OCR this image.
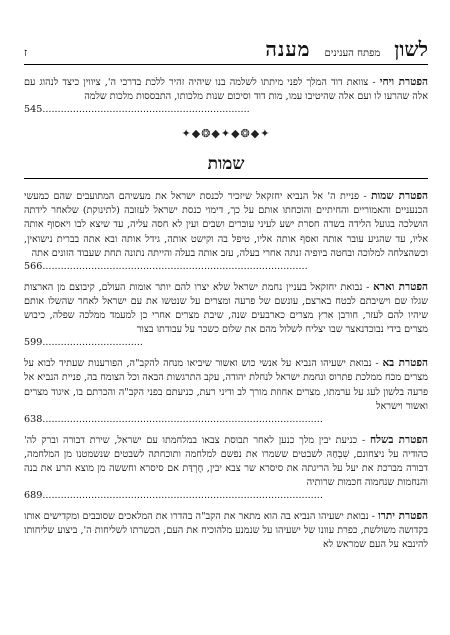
לשון
מפתח הענינים
מענה
ז

הפטרת ויחי - צוואת דוד המלך לפני מיתתו לשלמה בנו שיהיה זהיר ללכת בדרכי ה', ציווין כיצד לנהוג עם אלה שהרעו לו ועם אלה שהיטיבו עמו, מות דוד וסיכום שנות מלכותו, התבססות מלכות שלמה
545....................................................................

✦◆❂◆✦◆❂◆✦
שמות

הפטרת שמות - פניית ה' אל הנביא יחזקאל שיזכיר לכנסת ישראל את מעשיהם המתועבים שהם כמעשי הכנעניים והאמוריים והחיתיים והוכחתו אותם על כך, דימוי כנסת ישראל לעזובה (לתינוקת) שלאחר לידתה הושלכה בגועל הלידה בשדה חסרת ישע לעיני עוברים ושבים ועין לא חסה עליה, עד שיצא לבו ויאסוף אותה אליו, עד שהגיע עובר אותה ואסף אותה אליו, טיפל בה וקישט אותה, גידל אותה ובא אתה בברית נישואין, וכשהצלחה למלוכה ובחטה ביופיה זנתה אחרי בעלה, עזב אותה בעלה והייתה נתונה תחת שעבוד הזונים אתה
566.......................................................................................

הפטרת וארא - נבואת יחזקאל בעניין נחמת ישראל שלא יצרו להם יותר אומות העולם, קיבוצם מן הארצות שגלו שם וישיבתם לבטח בארצם, עונשם של פרעה ומצרים על שנטשו את עם ישראל לאחר שהשלו אותם שיהיו להם לעזר, חורבן ארץ מצרים כארבעים שנה, שיבת מצרים אחרי כן למעמד ממלכה שפלה, כיבוש מצרים בידי נבוכדנאצר שבו יצליח לשלול מהם את שלום כשכר על עבודתו בצור
599.................................

הפטרת בא - נבואת ישעיהו הנביא על אנשי כוש ואשור שיביאו מנחה להקב"ה, הפורענות שעתיד לבוא על מצרים מכח ממלכת פתרוס ונחמת ישראל לנחלת יהודה, עקב התרגשות הבאה וכל הצומח בה, פניית הנביא אל פרעה בלשון לעג על ערמתו, מצרים אחוזת מורך לב ודיני רעת, כניעתם בפני הקב"ה והכרתם בו, איגוד מצרים ואשור וישראל
638............................................................................................

הפטרת בשלח - כניעת יבין מלך כנען לאחר תבוסת צבאו במלחמתו עם ישראל, שירת דבורה וברק לה' כהודיה על ניצחונם, שִׁבְחַהּ לשבטים ששמרו את נפשם למלחמה ותוכחתה לשבטים שנשמטנו מן המלחמה, דבורה מברכת את יעל על הריגתה את סיסרא שר צבא יבין, חֶרְדַּת אם סיסרא וחששה מן מוצא הרע את בנה והנחמות שנחמוה חכמות שרותיה
689............................................................................................

הפטרת יתרו - נבואת ישעיהו הנביא בה הוא מתאר את הקב"ה בהדרו את המלאכים שסובבים ומקדישים אותו בקדושה משולשת, כפרת עוונו של ישעיהו על שנמנע מלהוכיח את העם, הכשרתו לשליחות ה', ביצוע שליחותו להינבא על העם שמראש לא
